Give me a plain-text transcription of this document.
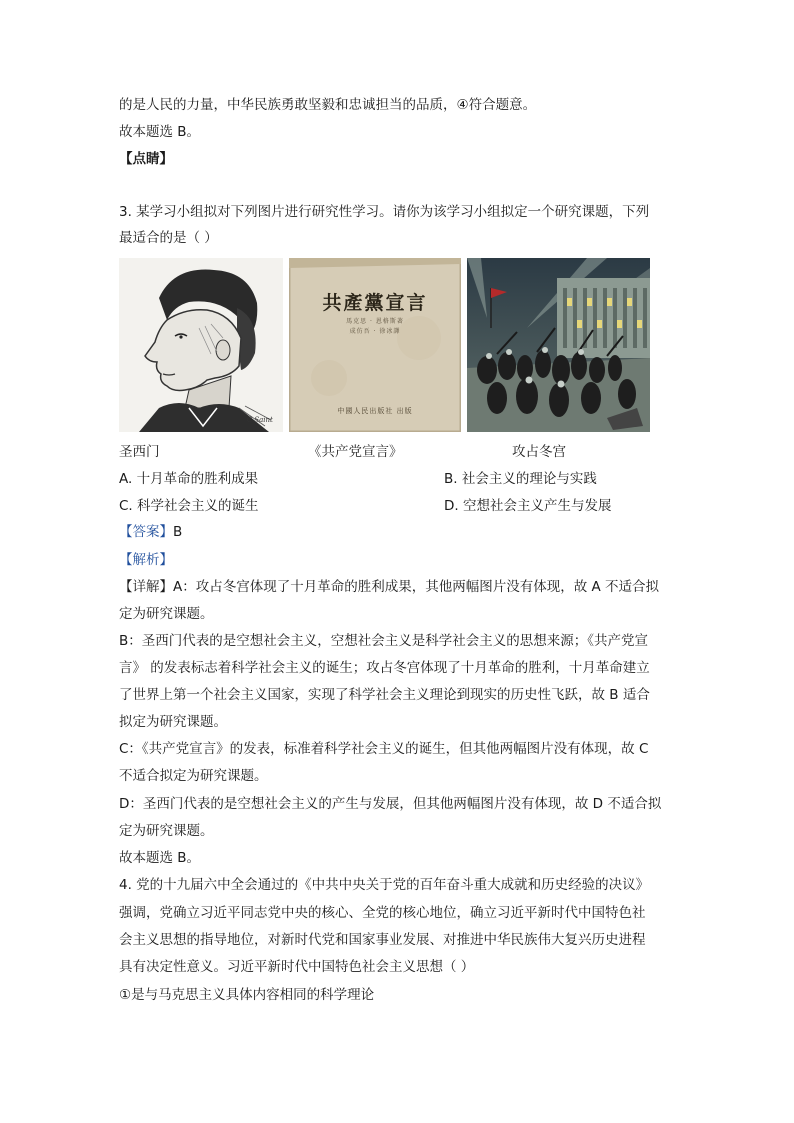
的是人民的力量，中华民族勇敢坚毅和忠诚担当的品质，④符合题意。
故本题选 B。
【点睛】
3. 某学习小组拟对下列图片进行研究性学习。请你为该学习小组拟定一个研究课题，下列
最适合的是（ ）
C.Saint
共產黨宣言
馬克思 · 恩格斯著
成仿吾 · 徐冰譯
中國人民出版社 出版
圣西门	《共产党宣言》	攻占冬宫
A. 十月革命的胜利成果	B. 社会主义的理论与实践
C. 科学社会主义的诞生	D. 空想社会主义产生与发展
【答案】B
【解析】
【详解】A：攻占冬宫体现了十月革命的胜利成果，其他两幅图片没有体现，故 A 不适合拟
定为研究课题。
B：圣西门代表的是空想社会主义，空想社会主义是科学社会主义的思想来源；《共产党宣
言》 的发表标志着科学社会主义的诞生；攻占冬宫体现了十月革命的胜利，十月革命建立
了世界上第一个社会主义国家，实现了科学社会主义理论到现实的历史性飞跃，故 B 适合
拟定为研究课题。
C：《共产党宣言》的发表，标准着科学社会主义的诞生，但其他两幅图片没有体现，故 C
不适合拟定为研究课题。
D：圣西门代表的是空想社会主义的产生与发展，但其他两幅图片没有体现，故 D 不适合拟
定为研究课题。
故本题选 B。
4. 党的十九届六中全会通过的《中共中央关于党的百年奋斗重大成就和历史经验的决议》
强调，党确立习近平同志党中央的核心、全党的核心地位，确立习近平新时代中国特色社
会主义思想的指导地位，对新时代党和国家事业发展、对推进中华民族伟大复兴历史进程
具有决定性意义。习近平新时代中国特色社会主义思想（ ）
①是与马克思主义具体内容相同的科学理论
